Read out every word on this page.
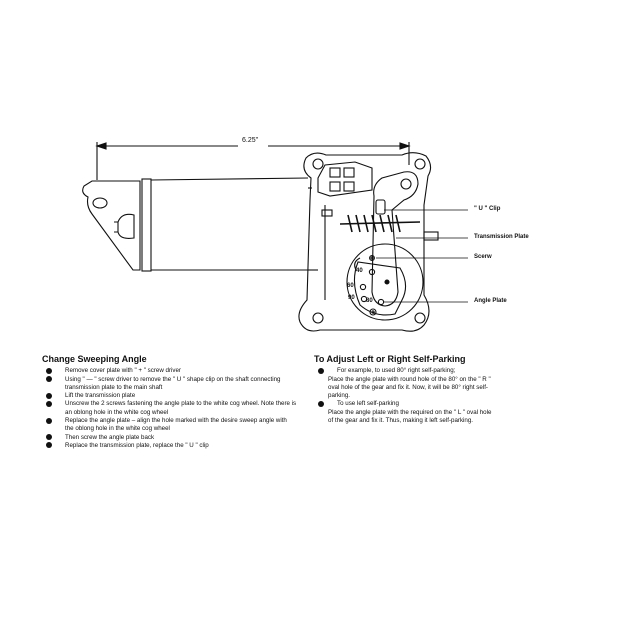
6.25"
" U " Clip
Transmission Plate
Scerw
Angle Plate
40
60
90 80
Change Sweeping Angle
Remove cover plate with " + " screw driver
Using " — " screw driver to remove the " U " shape clip on the shaft connecting transmission plate to the main shaft
Lift the transmission plate
Unscrew the 2 screws fastening the angle plate to the white cog wheel. Note there is an oblong hole in the white cog wheel
Replace the angle plate – align the hole marked with the desire sweep angle with the oblong hole in the white cog wheel
Then screw the angle plate back
Replace the transmission plate, replace the " U " clip
To Adjust Left or Right Self-Parking
For example, to used 80° right self-parking;
Place the angle plate with round hole of the 80° on the " R " oval hole of the gear and fix it. Now, it will be 80° right self-parking.
To use left self-parking
Place the angle plate with the required on the " L " oval hole of the gear and fix it. Thus, making it left self-parking.
